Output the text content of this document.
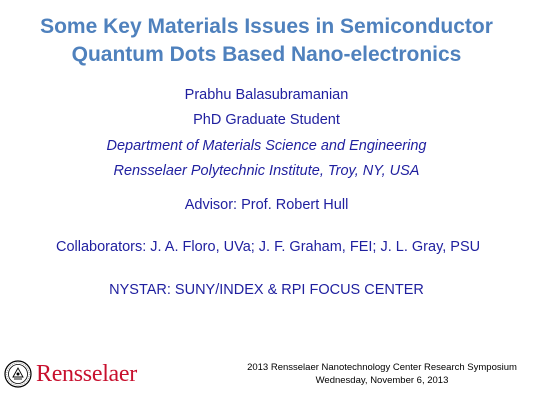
Some Key Materials Issues in Semiconductor
Quantum Dots Based Nano-electronics
Prabhu Balasubramanian
PhD Graduate Student
Department of Materials Science and Engineering
Rensselaer Polytechnic Institute, Troy, NY, USA
Advisor: Prof. Robert Hull
Collaborators: J. A. Floro, UVa; J. F. Graham, FEI; J. L. Gray, PSU
NYSTAR: SUNY/INDEX & RPI FOCUS CENTER
Rensselaer	2013 Rensselaer Nanotechnology Center Research Symposium
Wednesday, November 6, 2013
